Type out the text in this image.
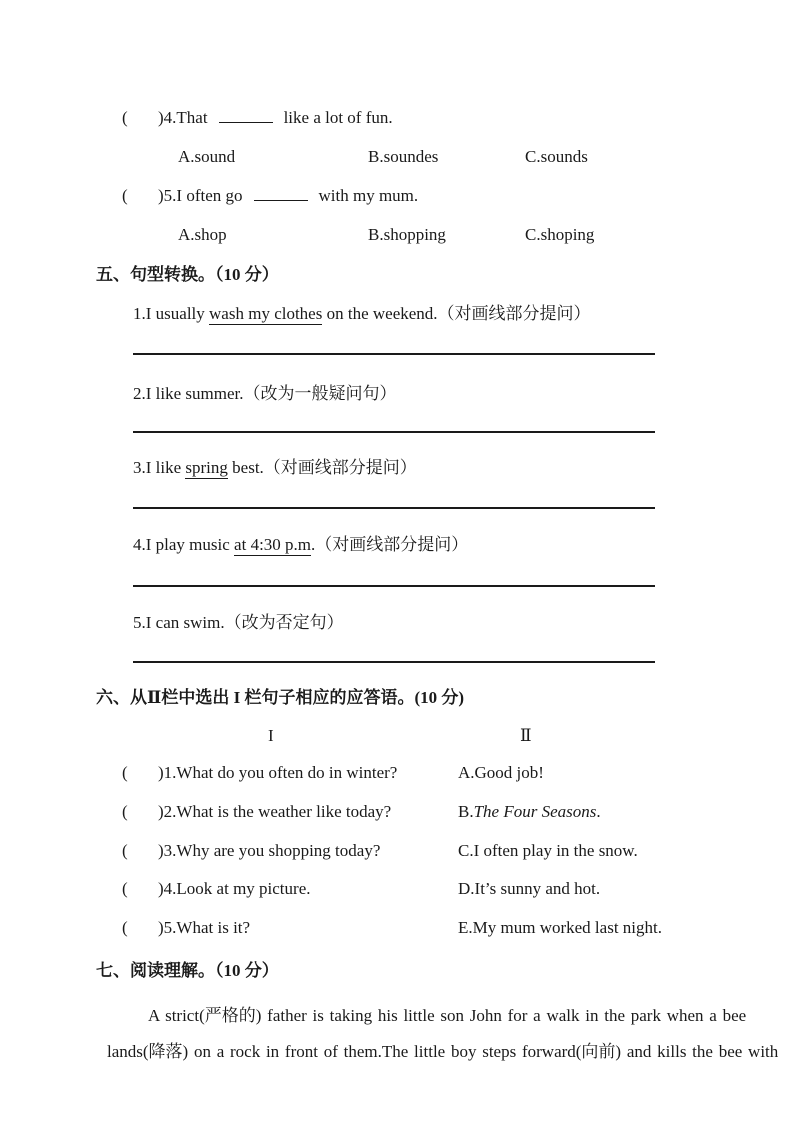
( )4.That	like a lot of fun.
A.sound	B.soundes	C.sounds
( )5.I often go	with my mum.
A.shop	B.shopping	C.shoping
五、句型转换。（10 分）
1.I usually wash my clothes on the weekend.（对画线部分提问）
2.I like summer.（改为一般疑问句）
3.I like spring best.（对画线部分提问）
4.I play music at 4:30 p.m.（对画线部分提问）
5.I can swim.（改为否定句）
六、从Ⅱ栏中选出 I 栏句子相应的应答语。(10 分)
I	Ⅱ
( )1.What do you often do in winter?	A.Good job!
( )2.What is the weather like today?	B.The Four Seasons.
( )3.Why are you shopping today?	C.I often play in the snow.
( )4.Look at my picture.	D.It’s sunny and hot.
( )5.What is it?	E.My mum worked last night.
七、阅读理解。（10 分）
A strict(严格的) father is taking his little son John for a walk in the park when a bee
lands(降落) on a rock in front of them.The little boy steps forward(向前) and kills the bee with
